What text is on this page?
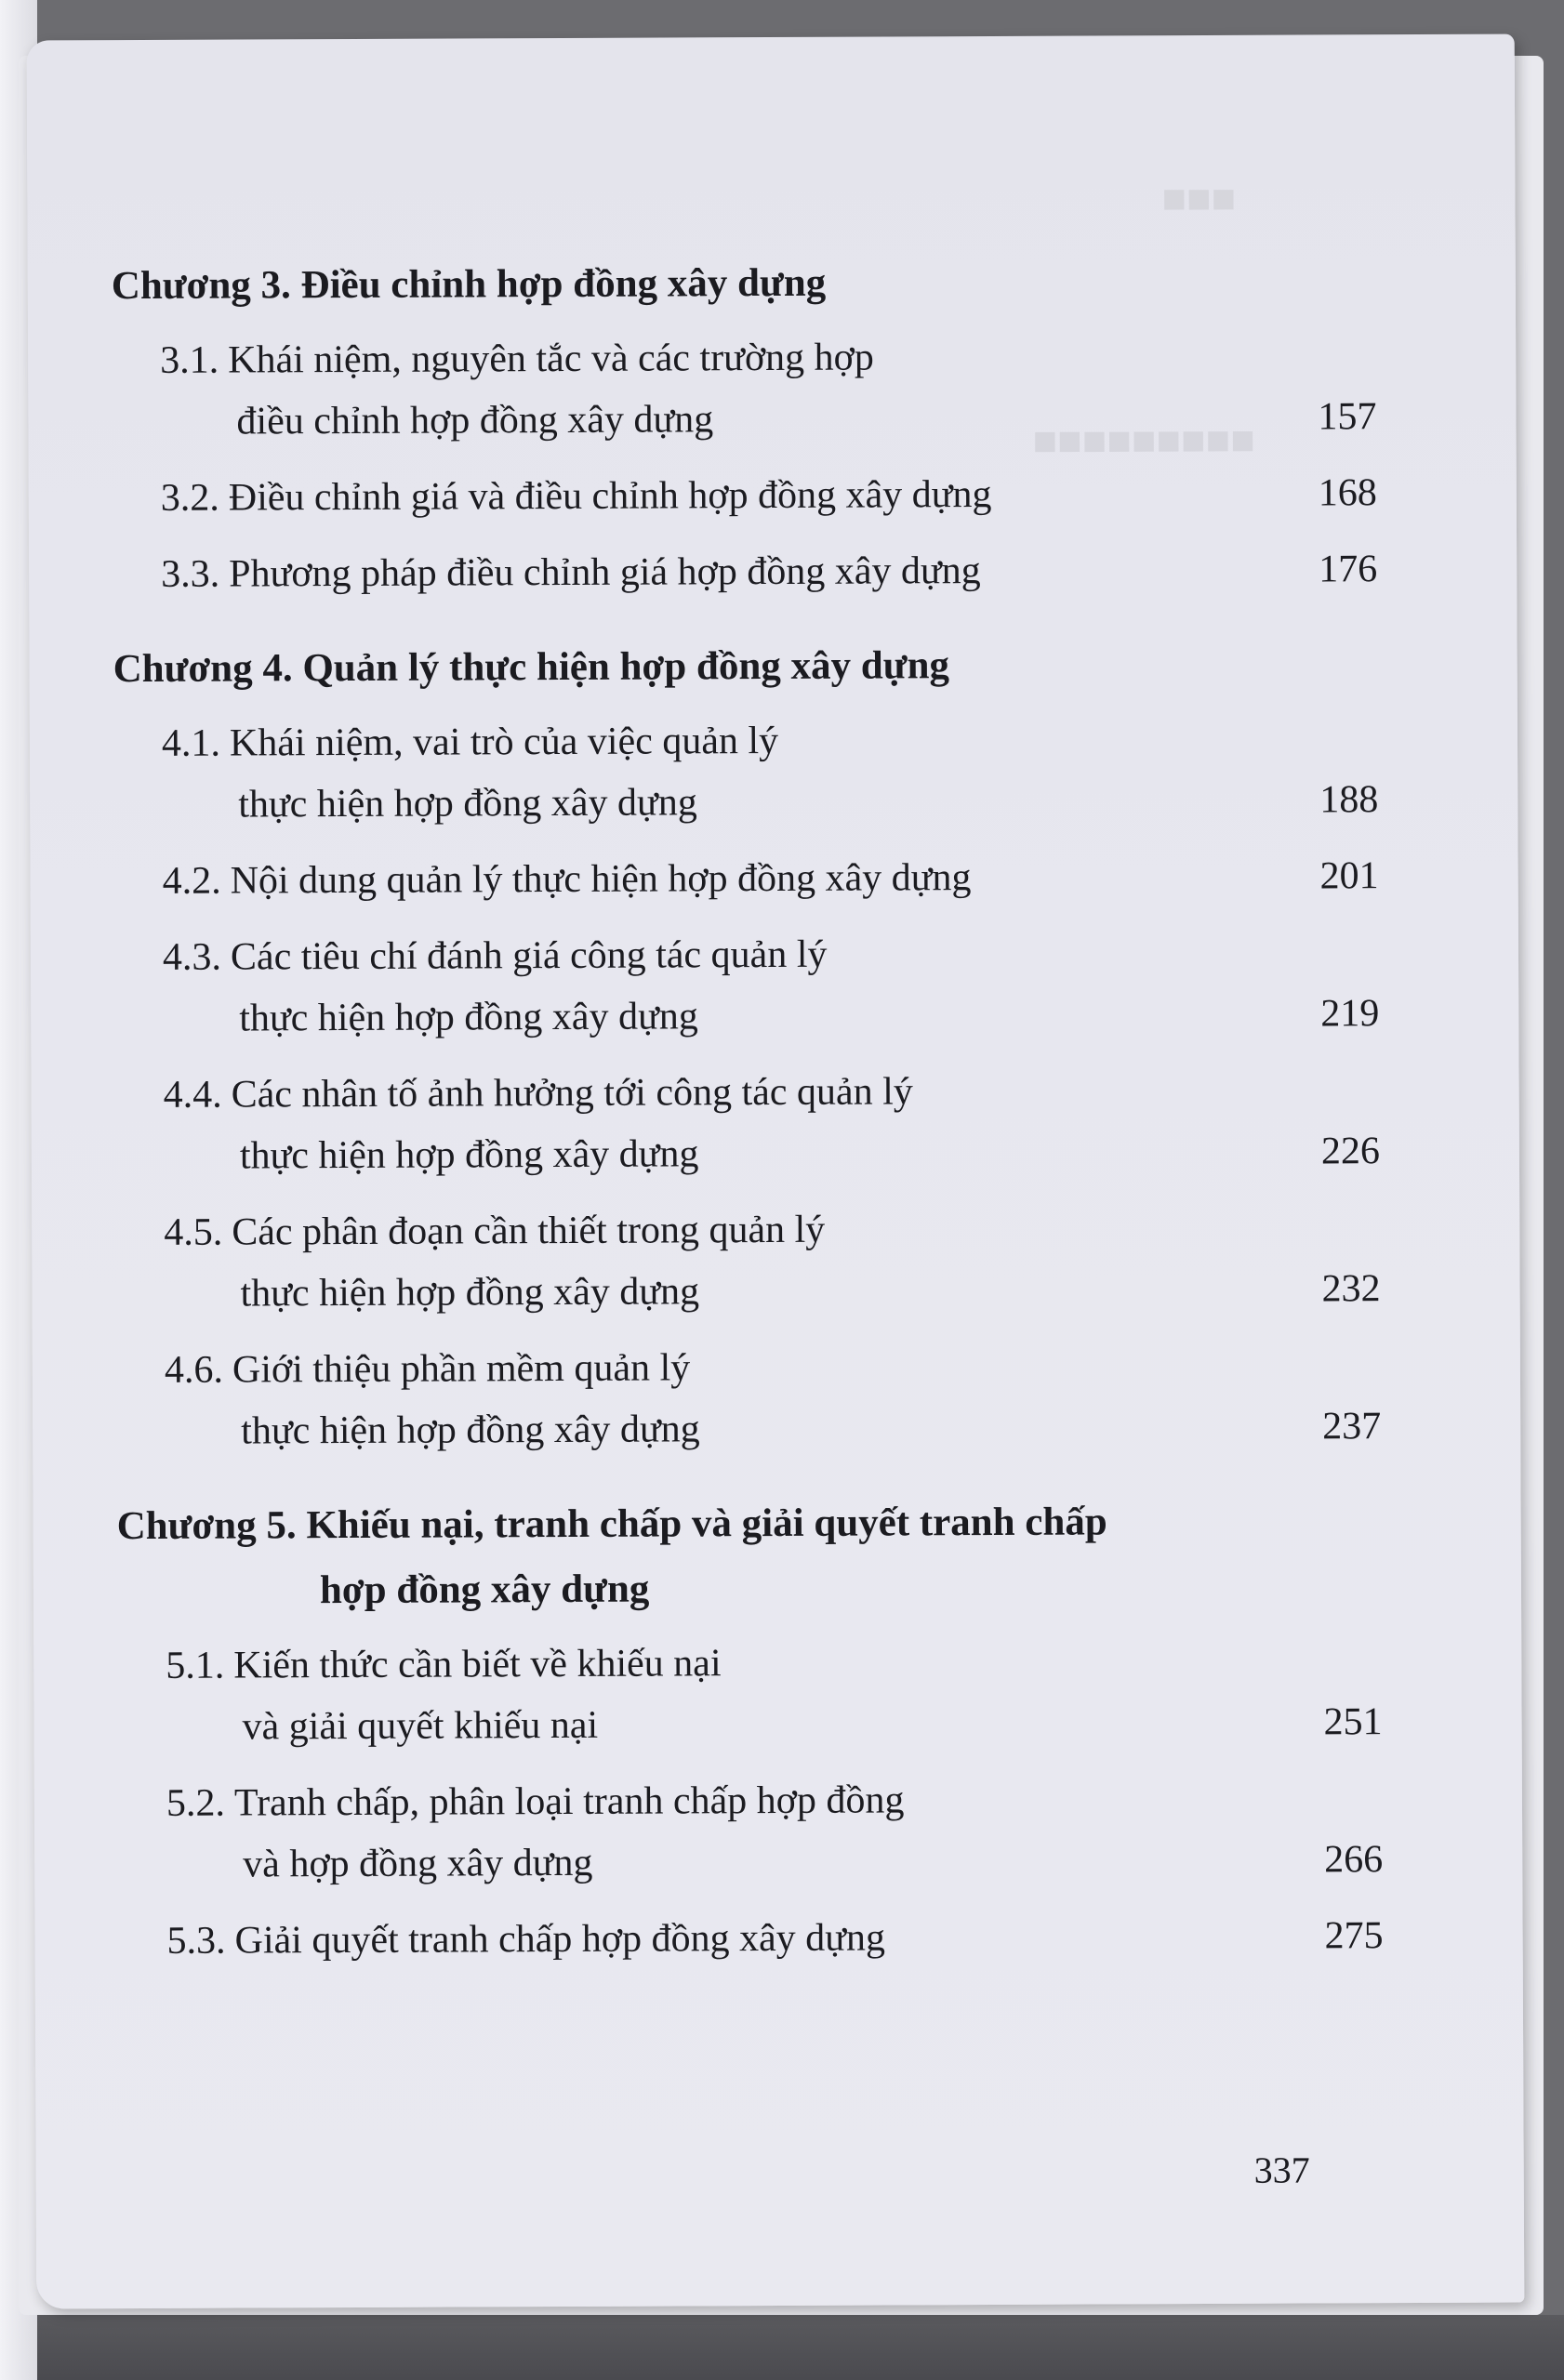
■■■
■■■■■■■■■
Chương 3. Điều chỉnh hợp đồng xây dựng
3.1. Khái niệm, nguyên tắc và các trường hợp
điều chỉnh hợp đồng xây dựng	157
3.2. Điều chỉnh giá và điều chỉnh hợp đồng xây dựng	168
3.3. Phương pháp điều chỉnh giá hợp đồng xây dựng	176
Chương 4. Quản lý thực hiện hợp đồng xây dựng
4.1. Khái niệm, vai trò của việc quản lý
thực hiện hợp đồng xây dựng	188
4.2. Nội dung quản lý thực hiện hợp đồng xây dựng	201
4.3. Các tiêu chí đánh giá công tác quản lý
thực hiện hợp đồng xây dựng	219
4.4. Các nhân tố ảnh hưởng tới công tác quản lý
thực hiện hợp đồng xây dựng	226
4.5. Các phân đoạn cần thiết trong quản lý
thực hiện hợp đồng xây dựng	232
4.6. Giới thiệu phần mềm quản lý
thực hiện hợp đồng xây dựng	237
Chương 5. Khiếu nại, tranh chấp và giải quyết tranh chấp
hợp đồng xây dựng
5.1. Kiến thức cần biết về khiếu nại
và giải quyết khiếu nại	251
5.2. Tranh chấp, phân loại tranh chấp hợp đồng
và hợp đồng xây dựng	266
5.3. Giải quyết tranh chấp hợp đồng xây dựng	275
337
